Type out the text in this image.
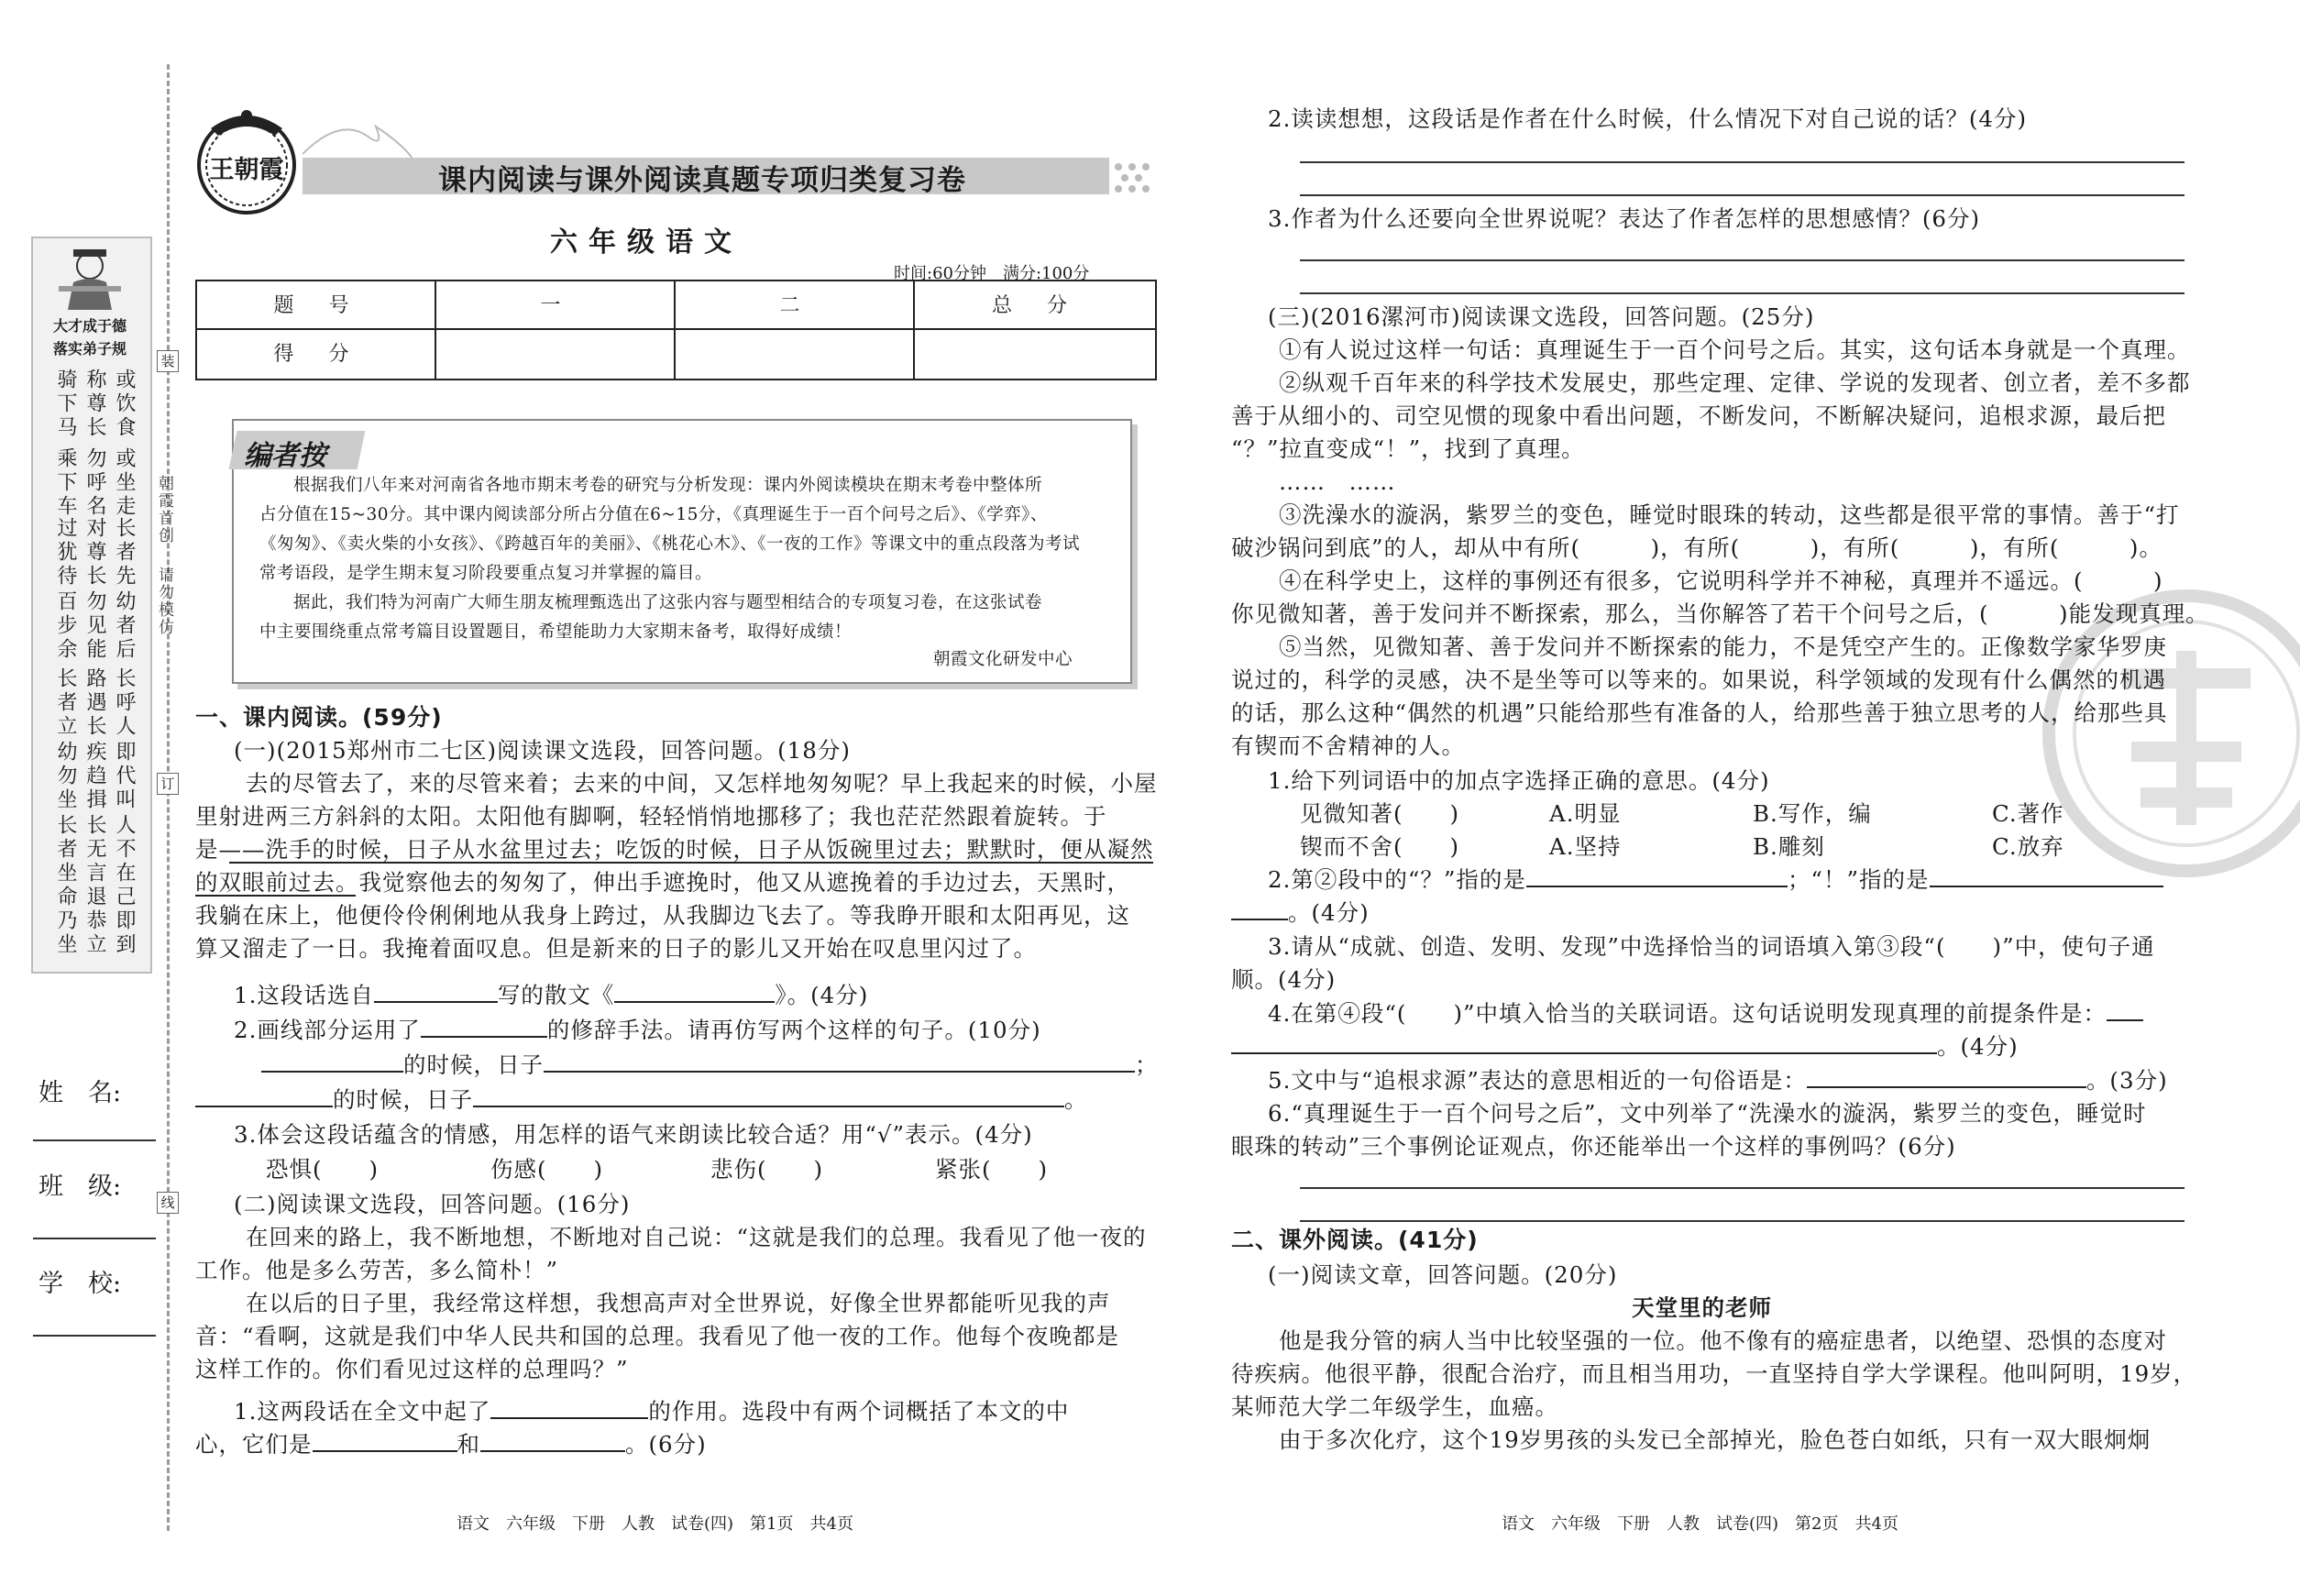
大才成于德
落实弟子规
骑下马 称尊长 或饮食
乘下车 勿呼名 或坐走
过犹待 对尊长 长者先
百步余 勿见能 幼者后
长者立 路遇长 长呼人
幼勿坐 疾趋揖 即代叫
长者坐 长无言 人不在
命乃坐 退恭立 己即到
姓　名:
班　级:
学　校:
装
订
线
朝霞首创
请勿模仿
王朝霞	课内阅读与课外阅读真题专项归类复习卷
六年级语文
时间:60分钟　满分:100分
题　号	一	二	总　分
得　分
编者按
根据我们八年来对河南省各地市期末考卷的研究与分析发现：课内外阅读模块在期末考卷中整体所
占分值在15~30分。其中课内阅读部分所占分值在6~15分，《真理诞生于一百个问号之后》、《学弈》、
《匆匆》、《卖火柴的小女孩》、《跨越百年的美丽》、《桃花心木》、《一夜的工作》等课文中的重点段落为考试
常考语段，是学生期末复习阶段要重点复习并掌握的篇目。
据此，我们特为河南广大师生朋友梳理甄选出了这张内容与题型相结合的专项复习卷，在这张试卷
中主要围绕重点常考篇目设置题目，希望能助力大家期末备考，取得好成绩！
朝霞文化研发中心
一、课内阅读。(59分)
(一)(2015郑州市二七区)阅读课文选段，回答问题。(18分)
去的尽管去了，来的尽管来着；去来的中间，又怎样地匆匆呢？早上我起来的时候，小屋
里射进两三方斜斜的太阳。太阳他有脚啊，轻轻悄悄地挪移了；我也茫茫然跟着旋转。于
是——洗手的时候，日子从水盆里过去；吃饭的时候，日子从饭碗里过去；默默时，便从凝然
的双眼前过去。我觉察他去的匆匆了，伸出手遮挽时，他又从遮挽着的手边过去，天黑时，
我躺在床上，他便伶伶俐俐地从我身上跨过，从我脚边飞去了。等我睁开眼和太阳再见，这
算又溜走了一日。我掩着面叹息。但是新来的日子的影儿又开始在叹息里闪过了。
1.这段话选自	写的散文《	》。(4分)
2.画线部分运用了	的修辞手法。请再仿写两个这样的句子。(10分)
的时候，日子	；
的时候，日子	。
3.体会这段话蕴含的情感，用怎样的语气来朗读比较合适？用“√”表示。(4分)
恐惧(　　)	伤感(　　)	悲伤(　　)	紧张(　　)
(二)阅读课文选段，回答问题。(16分)
在回来的路上，我不断地想，不断地对自己说：“这就是我们的总理。我看见了他一夜的
工作。他是多么劳苦，多么简朴！”
在以后的日子里，我经常这样想，我想高声对全世界说，好像全世界都能听见我的声
音：“看啊，这就是我们中华人民共和国的总理。我看见了他一夜的工作。他每个夜晚都是
这样工作的。你们看见过这样的总理吗？”
1.这两段话在全文中起了	的作用。选段中有两个词概括了本文的中
心，它们是	和	。(6分)
语文　六年级　下册　人教　试卷(四)　第1页　共4页
2.读读想想，这段话是作者在什么时候，什么情况下对自己说的话？(4分)
3.作者为什么还要向全世界说呢？表达了作者怎样的思想感情？(6分)
(三)(2016漯河市)阅读课文选段，回答问题。(25分)
①有人说过这样一句话：真理诞生于一百个问号之后。其实，这句话本身就是一个真理。
②纵观千百年来的科学技术发展史，那些定理、定律、学说的发现者、创立者，差不多都
善于从细小的、司空见惯的现象中看出问题，不断发问，不断解决疑问，追根求源，最后把
“？”拉直变成“！”，找到了真理。
……　……
③洗澡水的漩涡，紫罗兰的变色，睡觉时眼珠的转动，这些都是很平常的事情。善于“打
破沙锅问到底”的人，却从中有所(　　　)，有所(　　　)，有所(　　　)，有所(　　　)。
④在科学史上，这样的事例还有很多，它说明科学并不神秘，真理并不遥远。(　　　)
你见微知著，善于发问并不断探索，那么，当你解答了若干个问号之后，(　　　)能发现真理。
⑤当然，见微知著、善于发问并不断探索的能力，不是凭空产生的。正像数学家华罗庚
说过的，科学的灵感，决不是坐等可以等来的。如果说，科学领域的发现有什么偶然的机遇
的话，那么这种“偶然的机遇”只能给那些有准备的人，给那些善于独立思考的人，给那些具
有锲而不舍精神的人。
1.给下列词语中的加点字选择正确的意思。(4分)
见微知著(　　)	A.明显	B.写作，编	C.著作
锲而不舍(　　)	A.坚持	B.雕刻	C.放弃
2.第②段中的“？”指的是	；“！”指的是
。(4分)
3.请从“成就、创造、发明、发现”中选择恰当的词语填入第③段“(　　)”中，使句子通
顺。(4分)
4.在第④段“(　　)”中填入恰当的关联词语。这句话说明发现真理的前提条件是：
。(4分)
5.文中与“追根求源”表达的意思相近的一句俗语是：	。(3分)
6.“真理诞生于一百个问号之后”，文中列举了“洗澡水的漩涡，紫罗兰的变色，睡觉时
眼珠的转动”三个事例论证观点，你还能举出一个这样的事例吗？(6分)
二、课外阅读。(41分)
(一)阅读文章，回答问题。(20分)
天堂里的老师
他是我分管的病人当中比较坚强的一位。他不像有的癌症患者，以绝望、恐惧的态度对
待疾病。他很平静，很配合治疗，而且相当用功，一直坚持自学大学课程。他叫阿明，19岁，
某师范大学二年级学生，血癌。
由于多次化疗，这个19岁男孩的头发已全部掉光，脸色苍白如纸，只有一双大眼炯炯
语文　六年级　下册　人教　试卷(四)　第2页　共4页
